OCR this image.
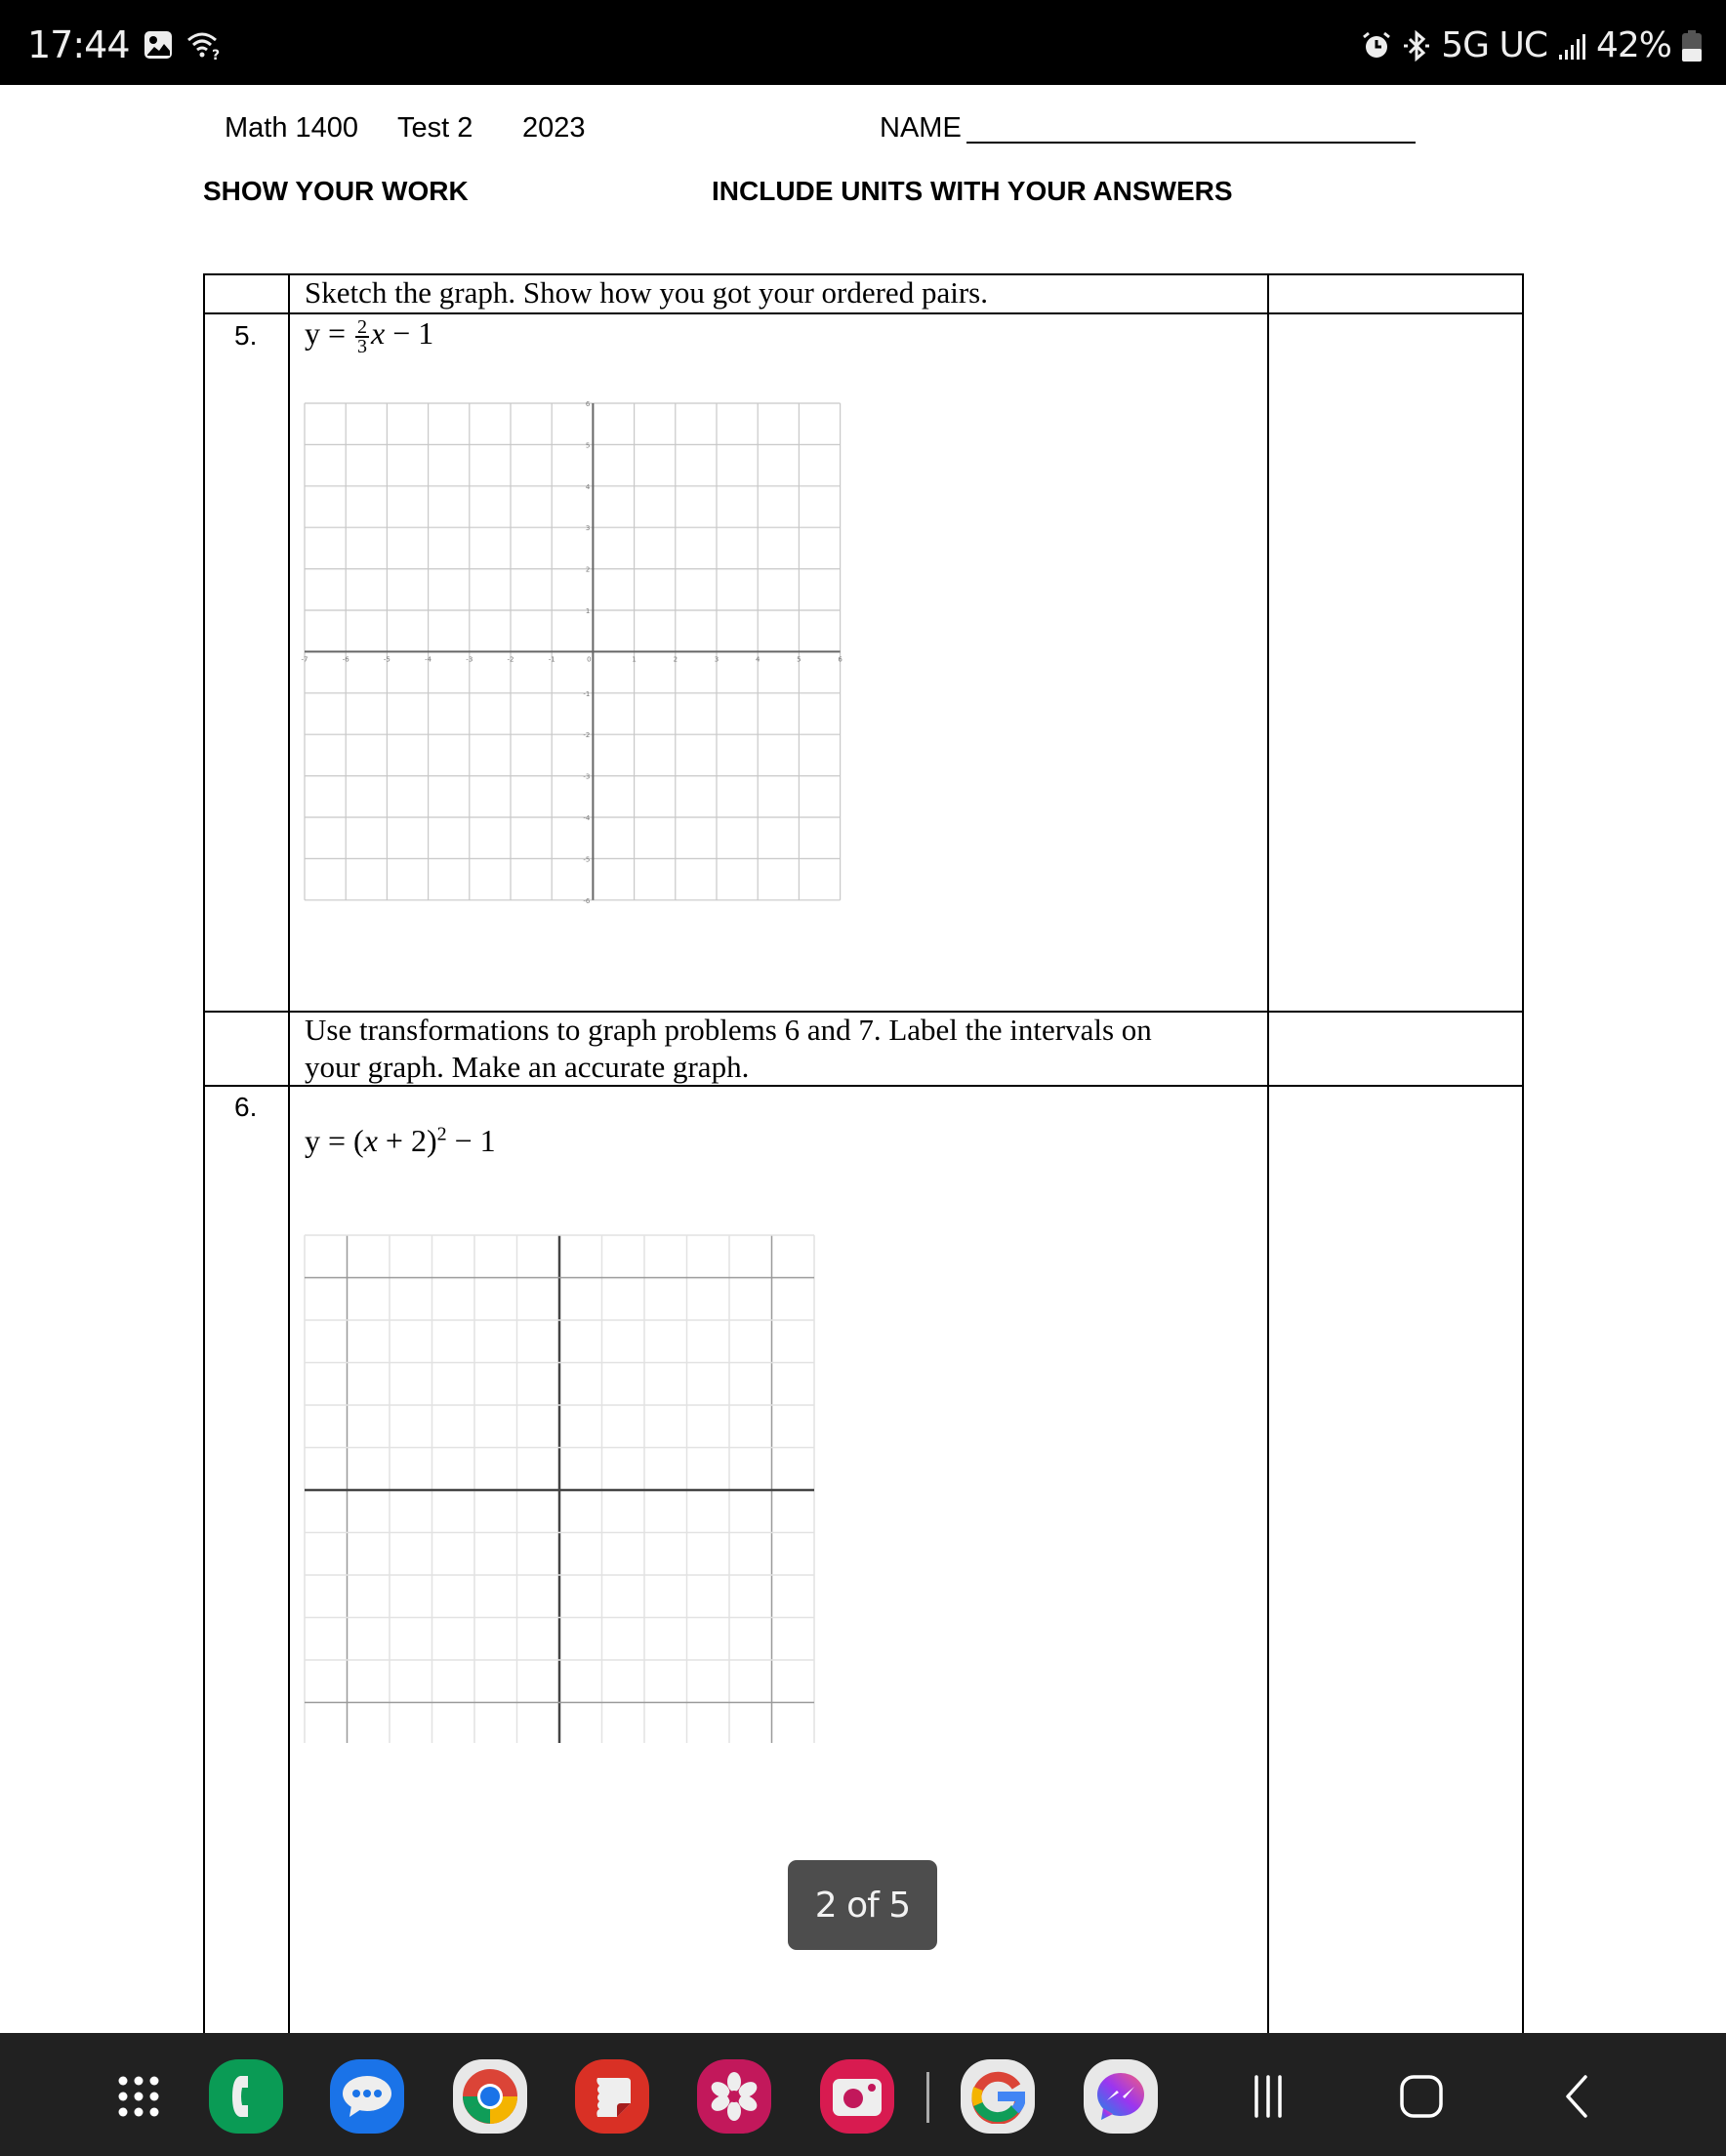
17:44	?	5G UC 42%
Math 1400 Test 2 2023	NAME
SHOW YOUR WORK	INCLUDE UNITS WITH YOUR ANSWERS
Sketch the graph. Show how you got your ordered pairs.
5. $y = \frac{2}{3}$ x − 1
-7	-6	-5	-4	-3	-2	-1	0	1	2	3	4	5	6
6
5
4
3
2
1
-1
-2
-3
-4
-5
-6
Use transformations to graph problems 6 and 7. Label the intervals on
your graph. Make an accurate graph.
6.
$y = (x + 2)^2 - 1$
2 of 5
